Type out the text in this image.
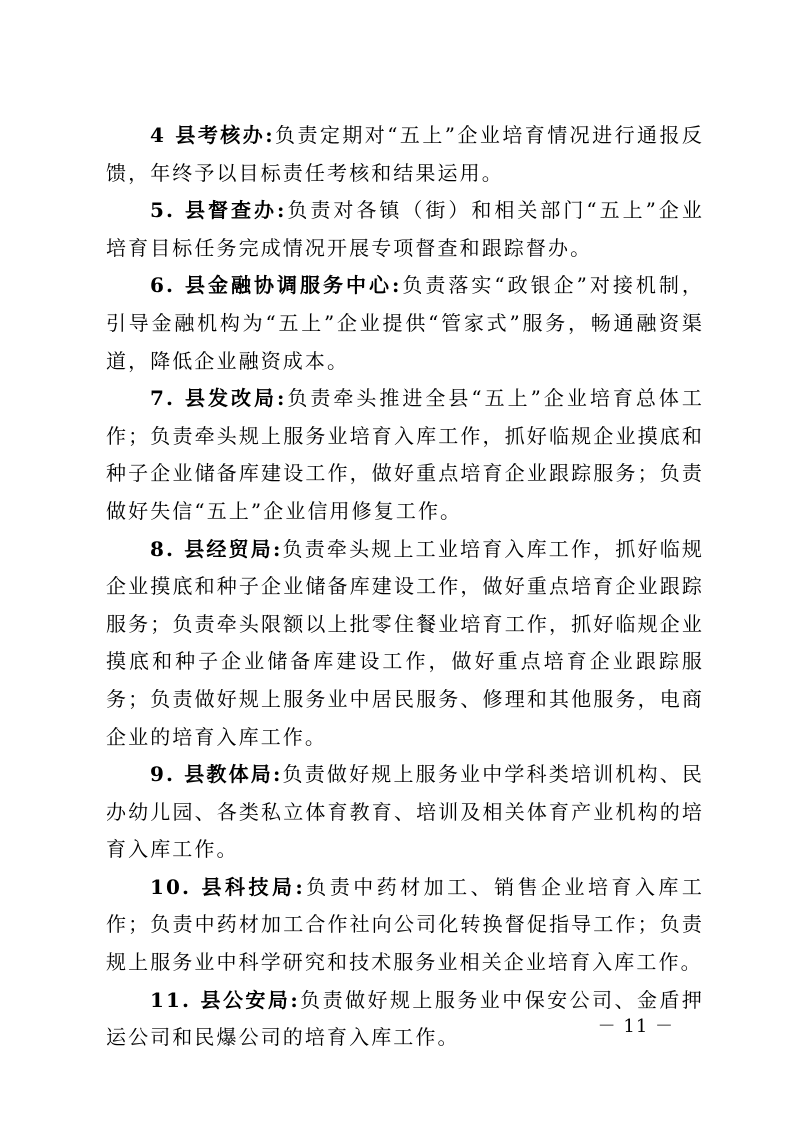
4 县考核办:负责定期对“五上”企业培育情况进行通报反馈，年终予以目标责任考核和结果运用。

5. 县督查办:负责对各镇（街）和相关部门“五上”企业培育目标任务完成情况开展专项督查和跟踪督办。

6. 县金融协调服务中心:负责落实“政银企”对接机制，引导金融机构为“五上”企业提供“管家式”服务，畅通融资渠道，降低企业融资成本。

7. 县发改局:负责牵头推进全县“五上”企业培育总体工作；负责牵头规上服务业培育入库工作，抓好临规企业摸底和种子企业储备库建设工作，做好重点培育企业跟踪服务；负责做好失信“五上”企业信用修复工作。

8. 县经贸局:负责牵头规上工业培育入库工作，抓好临规企业摸底和种子企业储备库建设工作，做好重点培育企业跟踪服务；负责牵头限额以上批零住餐业培育工作，抓好临规企业摸底和种子企业储备库建设工作，做好重点培育企业跟踪服务；负责做好规上服务业中居民服务、修理和其他服务，电商企业的培育入库工作。

9. 县教体局:负责做好规上服务业中学科类培训机构、民办幼儿园、各类私立体育教育、培训及相关体育产业机构的培育入库工作。

10. 县科技局:负责中药材加工、销售企业培育入库工作；负责中药材加工合作社向公司化转换督促指导工作；负责规上服务业中科学研究和技术服务业相关企业培育入库工作。

11. 县公安局:负责做好规上服务业中保安公司、金盾押运公司和民爆公司的培育入库工作。	－ 11 －
